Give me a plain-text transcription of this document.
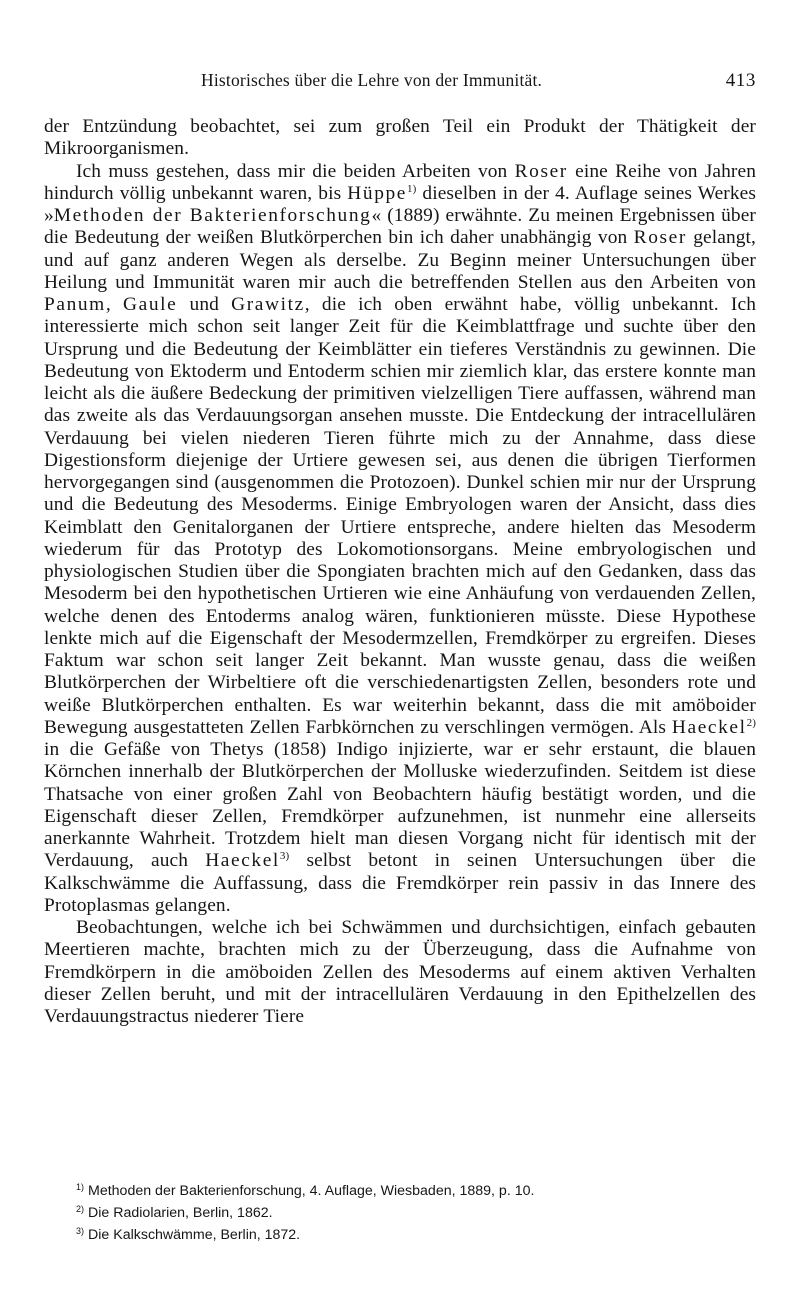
Historisches über die Lehre von der Immunität.	413

der Entzündung beobachtet, sei zum großen Teil ein Produkt der Thätigkeit der Mikroorganismen.

Ich muss gestehen, dass mir die beiden Arbeiten von Roser eine Reihe von Jahren hindurch völlig unbekannt waren, bis Hüppe$^{1)}$ dieselben in der 4. Auflage seines Werkes »Methoden der Bakterienforschung« (1889) erwähnte. Zu meinen Ergebnissen über die Bedeutung der weißen Blutkörperchen bin ich daher unabhängig von Roser gelangt, und auf ganz anderen Wegen als derselbe. Zu Beginn meiner Untersuchungen über Heilung und Immunität waren mir auch die betreffenden Stellen aus den Arbeiten von Panum, Gaule und Grawitz, die ich oben erwähnt habe, völlig unbekannt. Ich interessierte mich schon seit langer Zeit für die Keimblattfrage und suchte über den Ursprung und die Bedeutung der Keimblätter ein tieferes Verständnis zu gewinnen. Die Bedeutung von Ektoderm und Entoderm schien mir ziemlich klar, das erstere konnte man leicht als die äußere Bedeckung der primitiven vielzelligen Tiere auffassen, während man das zweite als das Verdauungsorgan ansehen musste. Die Entdeckung der intracellulären Verdauung bei vielen niederen Tieren führte mich zu der Annahme, dass diese Digestionsform diejenige der Urtiere gewesen sei, aus denen die übrigen Tierformen hervorgegangen sind (ausgenommen die Protozoen). Dunkel schien mir nur der Ursprung und die Bedeutung des Mesoderms. Einige Embryologen waren der Ansicht, dass dies Keimblatt den Genitalorganen der Urtiere entspreche, andere hielten das Mesoderm wiederum für das Prototyp des Lokomotionsorgans. Meine embryologischen und physiologischen Studien über die Spongiaten brachten mich auf den Gedanken, dass das Mesoderm bei den hypothetischen Urtieren wie eine Anhäufung von verdauenden Zellen, welche denen des Entoderms analog wären, funktionieren müsste. Diese Hypothese lenkte mich auf die Eigenschaft der Mesodermzellen, Fremdkörper zu ergreifen. Dieses Faktum war schon seit langer Zeit bekannt. Man wusste genau, dass die weißen Blutkörperchen der Wirbeltiere oft die verschiedenartigsten Zellen, besonders rote und weiße Blutkörperchen enthalten. Es war weiterhin bekannt, dass die mit amöboider Bewegung ausgestatteten Zellen Farbkörnchen zu verschlingen vermögen. Als Haeckel$^{2)}$ in die Gefäße von Thetys (1858) Indigo injizierte, war er sehr erstaunt, die blauen Körnchen innerhalb der Blutkörperchen der Molluske wiederzufinden. Seitdem ist diese Thatsache von einer großen Zahl von Beobachtern häufig bestätigt worden, und die Eigenschaft dieser Zellen, Fremdkörper aufzunehmen, ist nunmehr eine allerseits anerkannte Wahrheit. Trotzdem hielt man diesen Vorgang nicht für identisch mit der Verdauung, auch Haeckel$^{3)}$ selbst betont in seinen Untersuchungen über die Kalkschwämme die Auffassung, dass die Fremdkörper rein passiv in das Innere des Protoplasmas gelangen.

Beobachtungen, welche ich bei Schwämmen und durchsichtigen, einfach gebauten Meertieren machte, brachten mich zu der Überzeugung, dass die Aufnahme von Fremdkörpern in die amöboiden Zellen des Mesoderms auf einem aktiven Verhalten dieser Zellen beruht, und mit der intracellulären Verdauung in den Epithelzellen des Verdauungstractus niederer Tiere

$^{1)}$ Methoden der Bakterienforschung, 4. Auflage, Wiesbaden, 1889, p. 10.
$^{2)}$ Die Radiolarien, Berlin, 1862.
$^{3)}$ Die Kalkschwämme, Berlin, 1872.
